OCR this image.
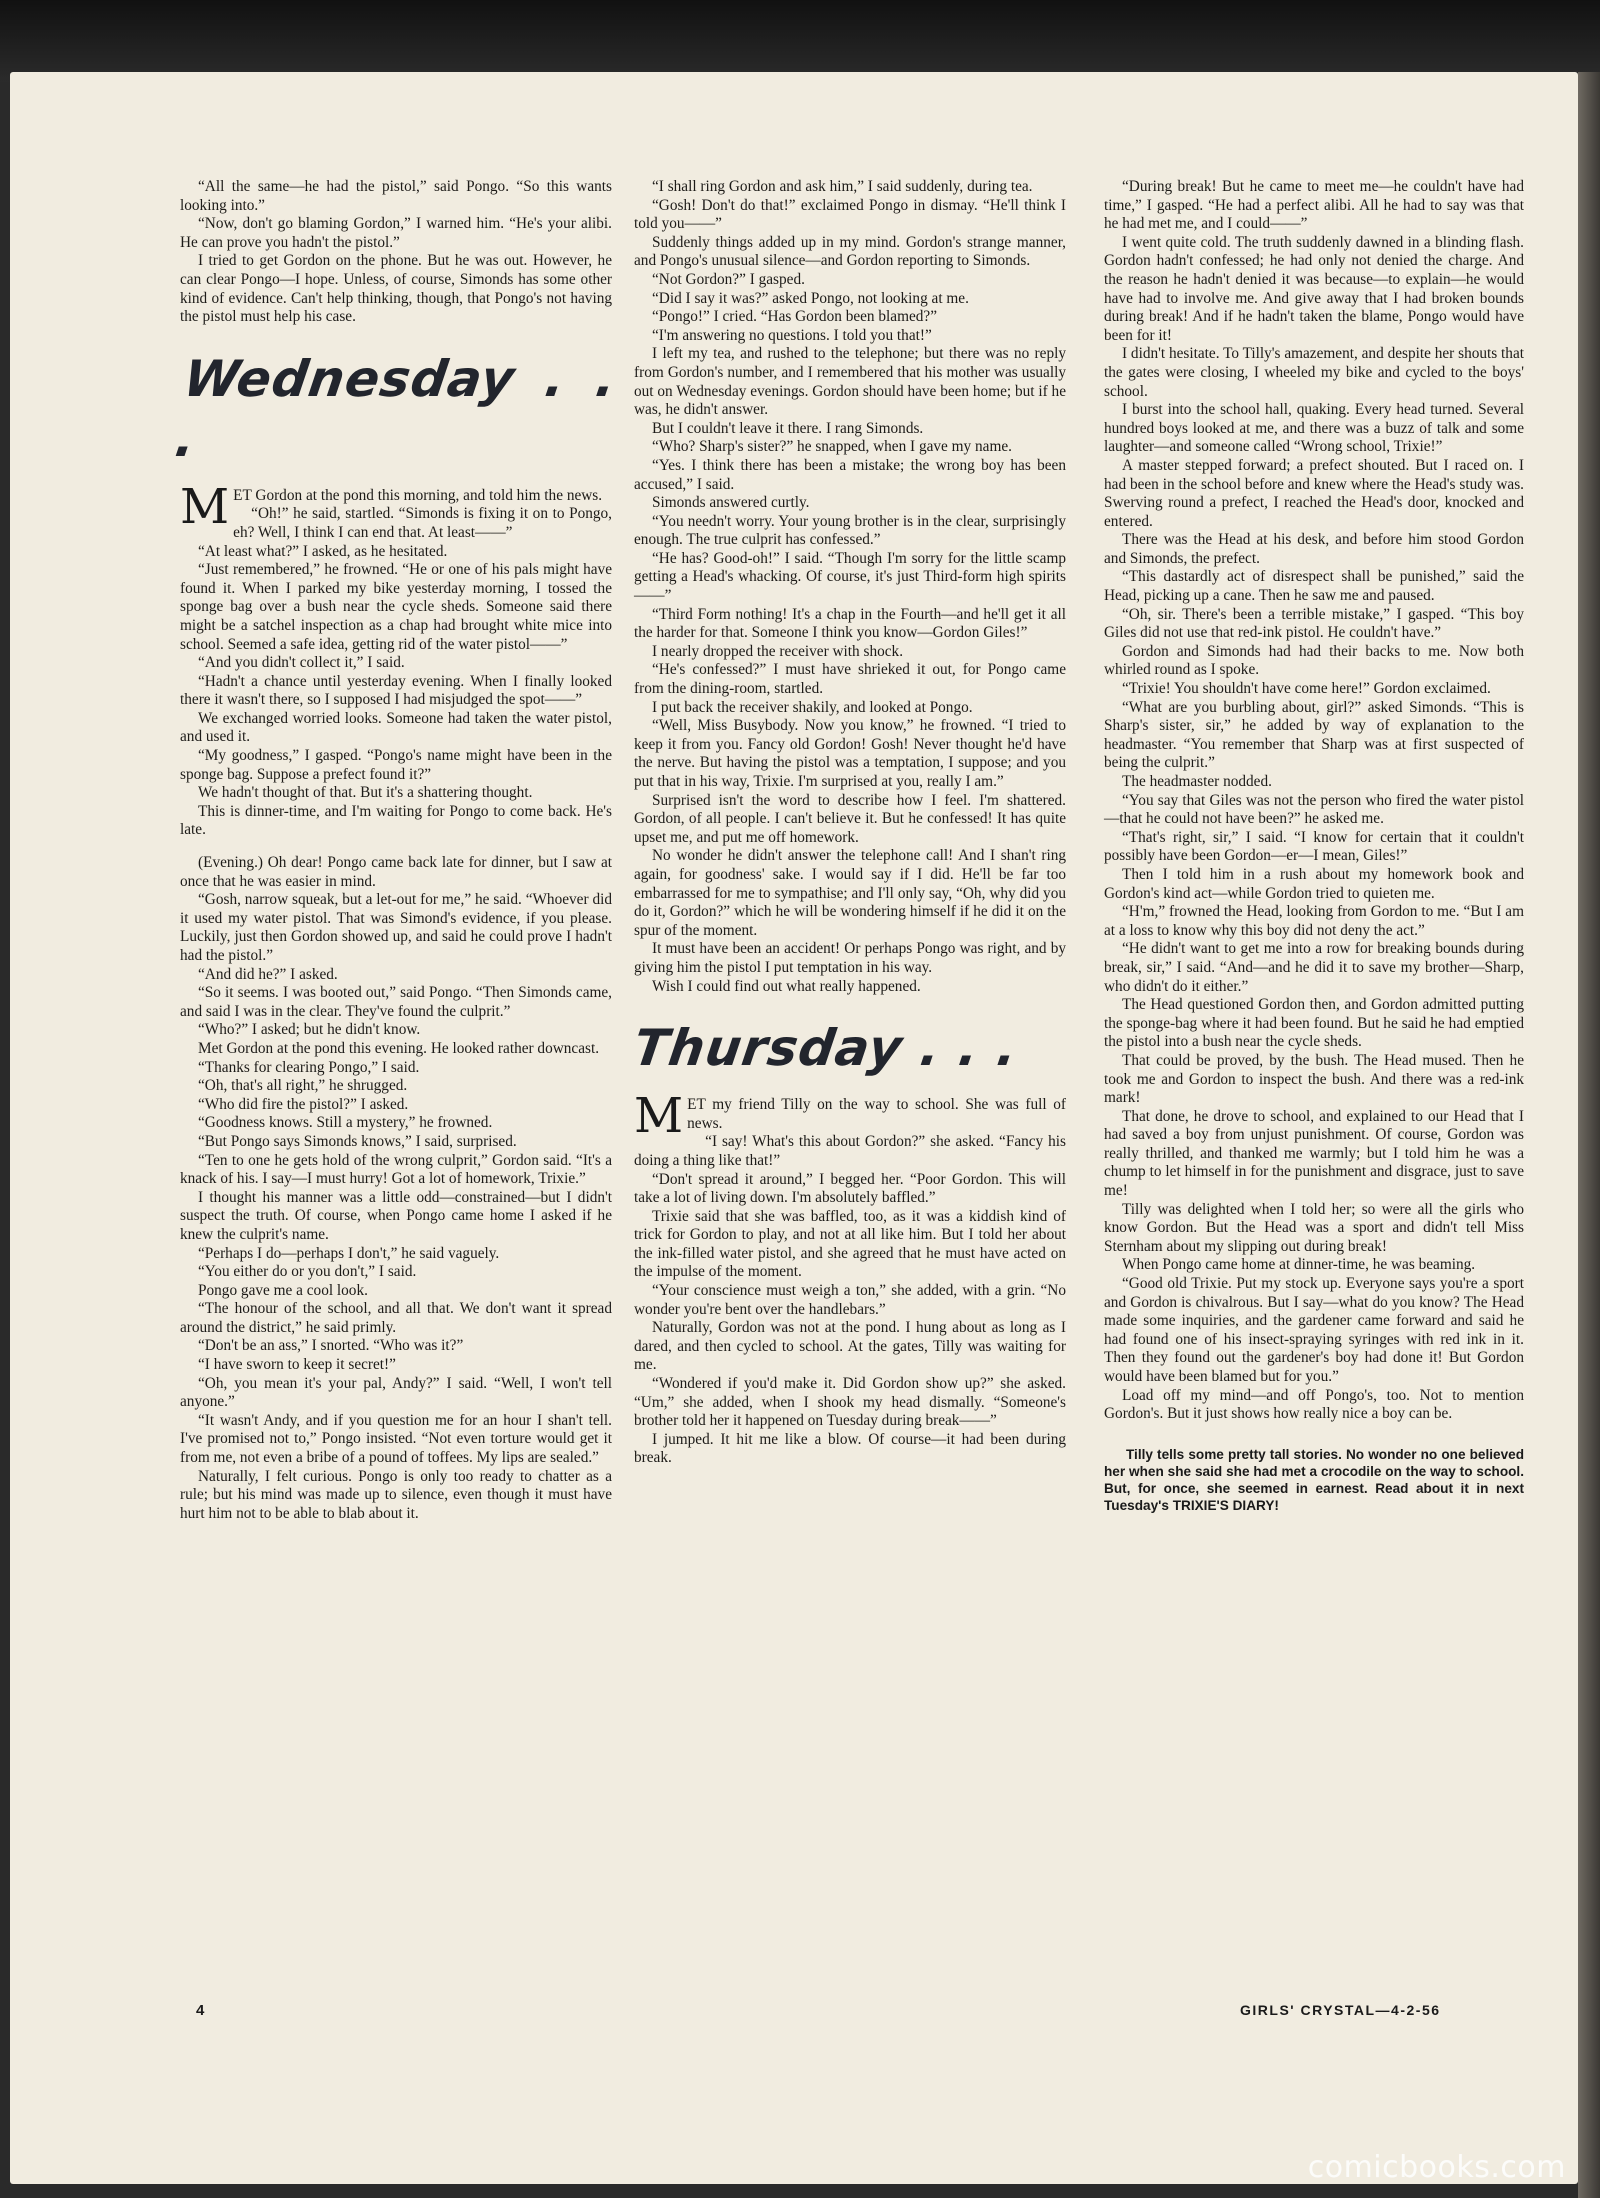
“All the same—he had the pistol,” said Pongo. “So this wants looking into.”

“Now, don't go blaming Gordon,” I warned him. “He's your alibi. He can prove you hadn't the pistol.”

I tried to get Gordon on the phone. But he was out. However, he can clear Pongo—I hope. Unless, of course, Simonds has some other kind of evidence. Can't help thinking, though, that Pongo's not having the pistol must help his case.

Wednesday . . .

MET Gordon at the pond this morning, and told him the news.

“Oh!” he said, startled. “Simonds is fixing it on to Pongo, eh? Well, I think I can end that. At least——”

“At least what?” I asked, as he hesitated.

“Just remembered,” he frowned. “He or one of his pals might have found it. When I parked my bike yesterday morning, I tossed the sponge bag over a bush near the cycle sheds. Someone said there might be a satchel inspection as a chap had brought white mice into school. Seemed a safe idea, getting rid of the water pistol——”

“And you didn't collect it,” I said.

“Hadn't a chance until yesterday evening. When I finally looked there it wasn't there, so I supposed I had misjudged the spot——”

We exchanged worried looks. Someone had taken the water pistol, and used it.

“My goodness,” I gasped. “Pongo's name might have been in the sponge bag. Suppose a prefect found it?”

We hadn't thought of that. But it's a shattering thought.

This is dinner-time, and I'm waiting for Pongo to come back. He's late.

(Evening.) Oh dear! Pongo came back late for dinner, but I saw at once that he was easier in mind.

“Gosh, narrow squeak, but a let-out for me,” he said. “Whoever did it used my water pistol. That was Simond's evidence, if you please. Luckily, just then Gordon showed up, and said he could prove I hadn't had the pistol.”

“And did he?” I asked.

“So it seems. I was booted out,” said Pongo. “Then Simonds came, and said I was in the clear. They've found the culprit.”

“Who?” I asked; but he didn't know.

Met Gordon at the pond this evening. He looked rather downcast.

“Thanks for clearing Pongo,” I said.

“Oh, that's all right,” he shrugged.

“Who did fire the pistol?” I asked.

“Goodness knows. Still a mystery,” he frowned.

“But Pongo says Simonds knows,” I said, surprised.

“Ten to one he gets hold of the wrong culprit,” Gordon said. “It's a knack of his. I say—I must hurry! Got a lot of homework, Trixie.”

I thought his manner was a little odd—constrained—but I didn't suspect the truth. Of course, when Pongo came home I asked if he knew the culprit's name.

“Perhaps I do—perhaps I don't,” he said vaguely.

“You either do or you don't,” I said.

Pongo gave me a cool look.

“The honour of the school, and all that. We don't want it spread around the district,” he said primly.

“Don't be an ass,” I snorted. “Who was it?”

“I have sworn to keep it secret!”

“Oh, you mean it's your pal, Andy?” I said. “Well, I won't tell anyone.”

“It wasn't Andy, and if you question me for an hour I shan't tell. I've promised not to,” Pongo insisted. “Not even torture would get it from me, not even a bribe of a pound of toffees. My lips are sealed.”

Naturally, I felt curious. Pongo is only too ready to chatter as a rule; but his mind was made up to silence, even though it must have hurt him not to be able to blab about it.

“I shall ring Gordon and ask him,” I said suddenly, during tea.

“Gosh! Don't do that!” exclaimed Pongo in dismay. “He'll think I told you——”

Suddenly things added up in my mind. Gordon's strange manner, and Pongo's unusual silence—and Gordon reporting to Simonds.

“Not Gordon?” I gasped.

“Did I say it was?” asked Pongo, not looking at me.

“Pongo!” I cried. “Has Gordon been blamed?”

“I'm answering no questions. I told you that!”

I left my tea, and rushed to the telephone; but there was no reply from Gordon's number, and I remembered that his mother was usually out on Wednesday evenings. Gordon should have been home; but if he was, he didn't answer.

But I couldn't leave it there. I rang Simonds.

“Who? Sharp's sister?” he snapped, when I gave my name.

“Yes. I think there has been a mistake; the wrong boy has been accused,” I said.

Simonds answered curtly.

“You needn't worry. Your young brother is in the clear, surprisingly enough. The true culprit has confessed.”

“He has? Good-oh!” I said. “Though I'm sorry for the little scamp getting a Head's whacking. Of course, it's just Third-form high spirits——”

“Third Form nothing! It's a chap in the Fourth—and he'll get it all the harder for that. Someone I think you know—Gordon Giles!”

I nearly dropped the receiver with shock.

“He's confessed?” I must have shrieked it out, for Pongo came from the dining-room, startled.

I put back the receiver shakily, and looked at Pongo.

“Well, Miss Busybody. Now you know,” he frowned. “I tried to keep it from you. Fancy old Gordon! Gosh! Never thought he'd have the nerve. But having the pistol was a temptation, I suppose; and you put that in his way, Trixie. I'm surprised at you, really I am.”

Surprised isn't the word to describe how I feel. I'm shattered. Gordon, of all people. I can't believe it. But he confessed! It has quite upset me, and put me off homework.

No wonder he didn't answer the telephone call! And I shan't ring again, for goodness' sake. I would say if I did. He'll be far too embarrassed for me to sympathise; and I'll only say, “Oh, why did you do it, Gordon?” which he will be wondering himself if he did it on the spur of the moment.

It must have been an accident! Or perhaps Pongo was right, and by giving him the pistol I put temptation in his way.

Wish I could find out what really happened.

Thursday . . .

MET my friend Tilly on the way to school. She was full of news.

“I say! What's this about Gordon?” she asked. “Fancy his doing a thing like that!”

“Don't spread it around,” I begged her. “Poor Gordon. This will take a lot of living down. I'm absolutely baffled.”

Trixie said that she was baffled, too, as it was a kiddish kind of trick for Gordon to play, and not at all like him. But I told her about the ink-filled water pistol, and she agreed that he must have acted on the impulse of the moment.

“Your conscience must weigh a ton,” she added, with a grin. “No wonder you're bent over the handlebars.”

Naturally, Gordon was not at the pond. I hung about as long as I dared, and then cycled to school. At the gates, Tilly was waiting for me.

“Wondered if you'd make it. Did Gordon show up?” she asked. “Um,” she added, when I shook my head dismally. “Someone's brother told her it happened on Tuesday during break——”

I jumped. It hit me like a blow. Of course—it had been during break.

“During break! But he came to meet me—he couldn't have had time,” I gasped. “He had a perfect alibi. All he had to say was that he had met me, and I could——”

I went quite cold. The truth suddenly dawned in a blinding flash. Gordon hadn't confessed; he had only not denied the charge. And the reason he hadn't denied it was because—to explain—he would have had to involve me. And give away that I had broken bounds during break! And if he hadn't taken the blame, Pongo would have been for it!

I didn't hesitate. To Tilly's amazement, and despite her shouts that the gates were closing, I wheeled my bike and cycled to the boys' school.

I burst into the school hall, quaking. Every head turned. Several hundred boys looked at me, and there was a buzz of talk and some laughter—and someone called “Wrong school, Trixie!”

A master stepped forward; a prefect shouted. But I raced on. I had been in the school before and knew where the Head's study was. Swerving round a prefect, I reached the Head's door, knocked and entered.

There was the Head at his desk, and before him stood Gordon and Simonds, the prefect.

“This dastardly act of disrespect shall be punished,” said the Head, picking up a cane. Then he saw me and paused.

“Oh, sir. There's been a terrible mistake,” I gasped. “This boy Giles did not use that red-ink pistol. He couldn't have.”

Gordon and Simonds had had their backs to me. Now both whirled round as I spoke.

“Trixie! You shouldn't have come here!” Gordon exclaimed.

“What are you burbling about, girl?” asked Simonds. “This is Sharp's sister, sir,” he added by way of explanation to the headmaster. “You remember that Sharp was at first suspected of being the culprit.”

The headmaster nodded.

“You say that Giles was not the person who fired the water pistol—that he could not have been?” he asked me.

“That's right, sir,” I said. “I know for certain that it couldn't possibly have been Gordon—er—I mean, Giles!”

Then I told him in a rush about my homework book and Gordon's kind act—while Gordon tried to quieten me.

“H'm,” frowned the Head, looking from Gordon to me. “But I am at a loss to know why this boy did not deny the act.”

“He didn't want to get me into a row for breaking bounds during break, sir,” I said. “And—and he did it to save my brother—Sharp, who didn't do it either.”

The Head questioned Gordon then, and Gordon admitted putting the sponge-bag where it had been found. But he said he had emptied the pistol into a bush near the cycle sheds.

That could be proved, by the bush. The Head mused. Then he took me and Gordon to inspect the bush. And there was a red-ink mark!

That done, he drove to school, and explained to our Head that I had saved a boy from unjust punishment. Of course, Gordon was really thrilled, and thanked me warmly; but I told him he was a chump to let himself in for the punishment and disgrace, just to save me!

Tilly was delighted when I told her; so were all the girls who know Gordon. But the Head was a sport and didn't tell Miss Sternham about my slipping out during break!

When Pongo came home at dinner-time, he was beaming.

“Good old Trixie. Put my stock up. Everyone says you're a sport and Gordon is chivalrous. But I say—what do you know? The Head made some inquiries, and the gardener came forward and said he had found one of his insect-spraying syringes with red ink in it. Then they found out the gardener's boy had done it! But Gordon would have been blamed but for you.”

Load off my mind—and off Pongo's, too. Not to mention Gordon's. But it just shows how really nice a boy can be.

Tilly tells some pretty tall stories. No wonder no one believed her when she said she had met a crocodile on the way to school. But, for once, she seemed in earnest. Read about it in next Tuesday's TRIXIE'S DIARY!
4	GIRLS' CRYSTAL—4-2-56
comicbooks.com
